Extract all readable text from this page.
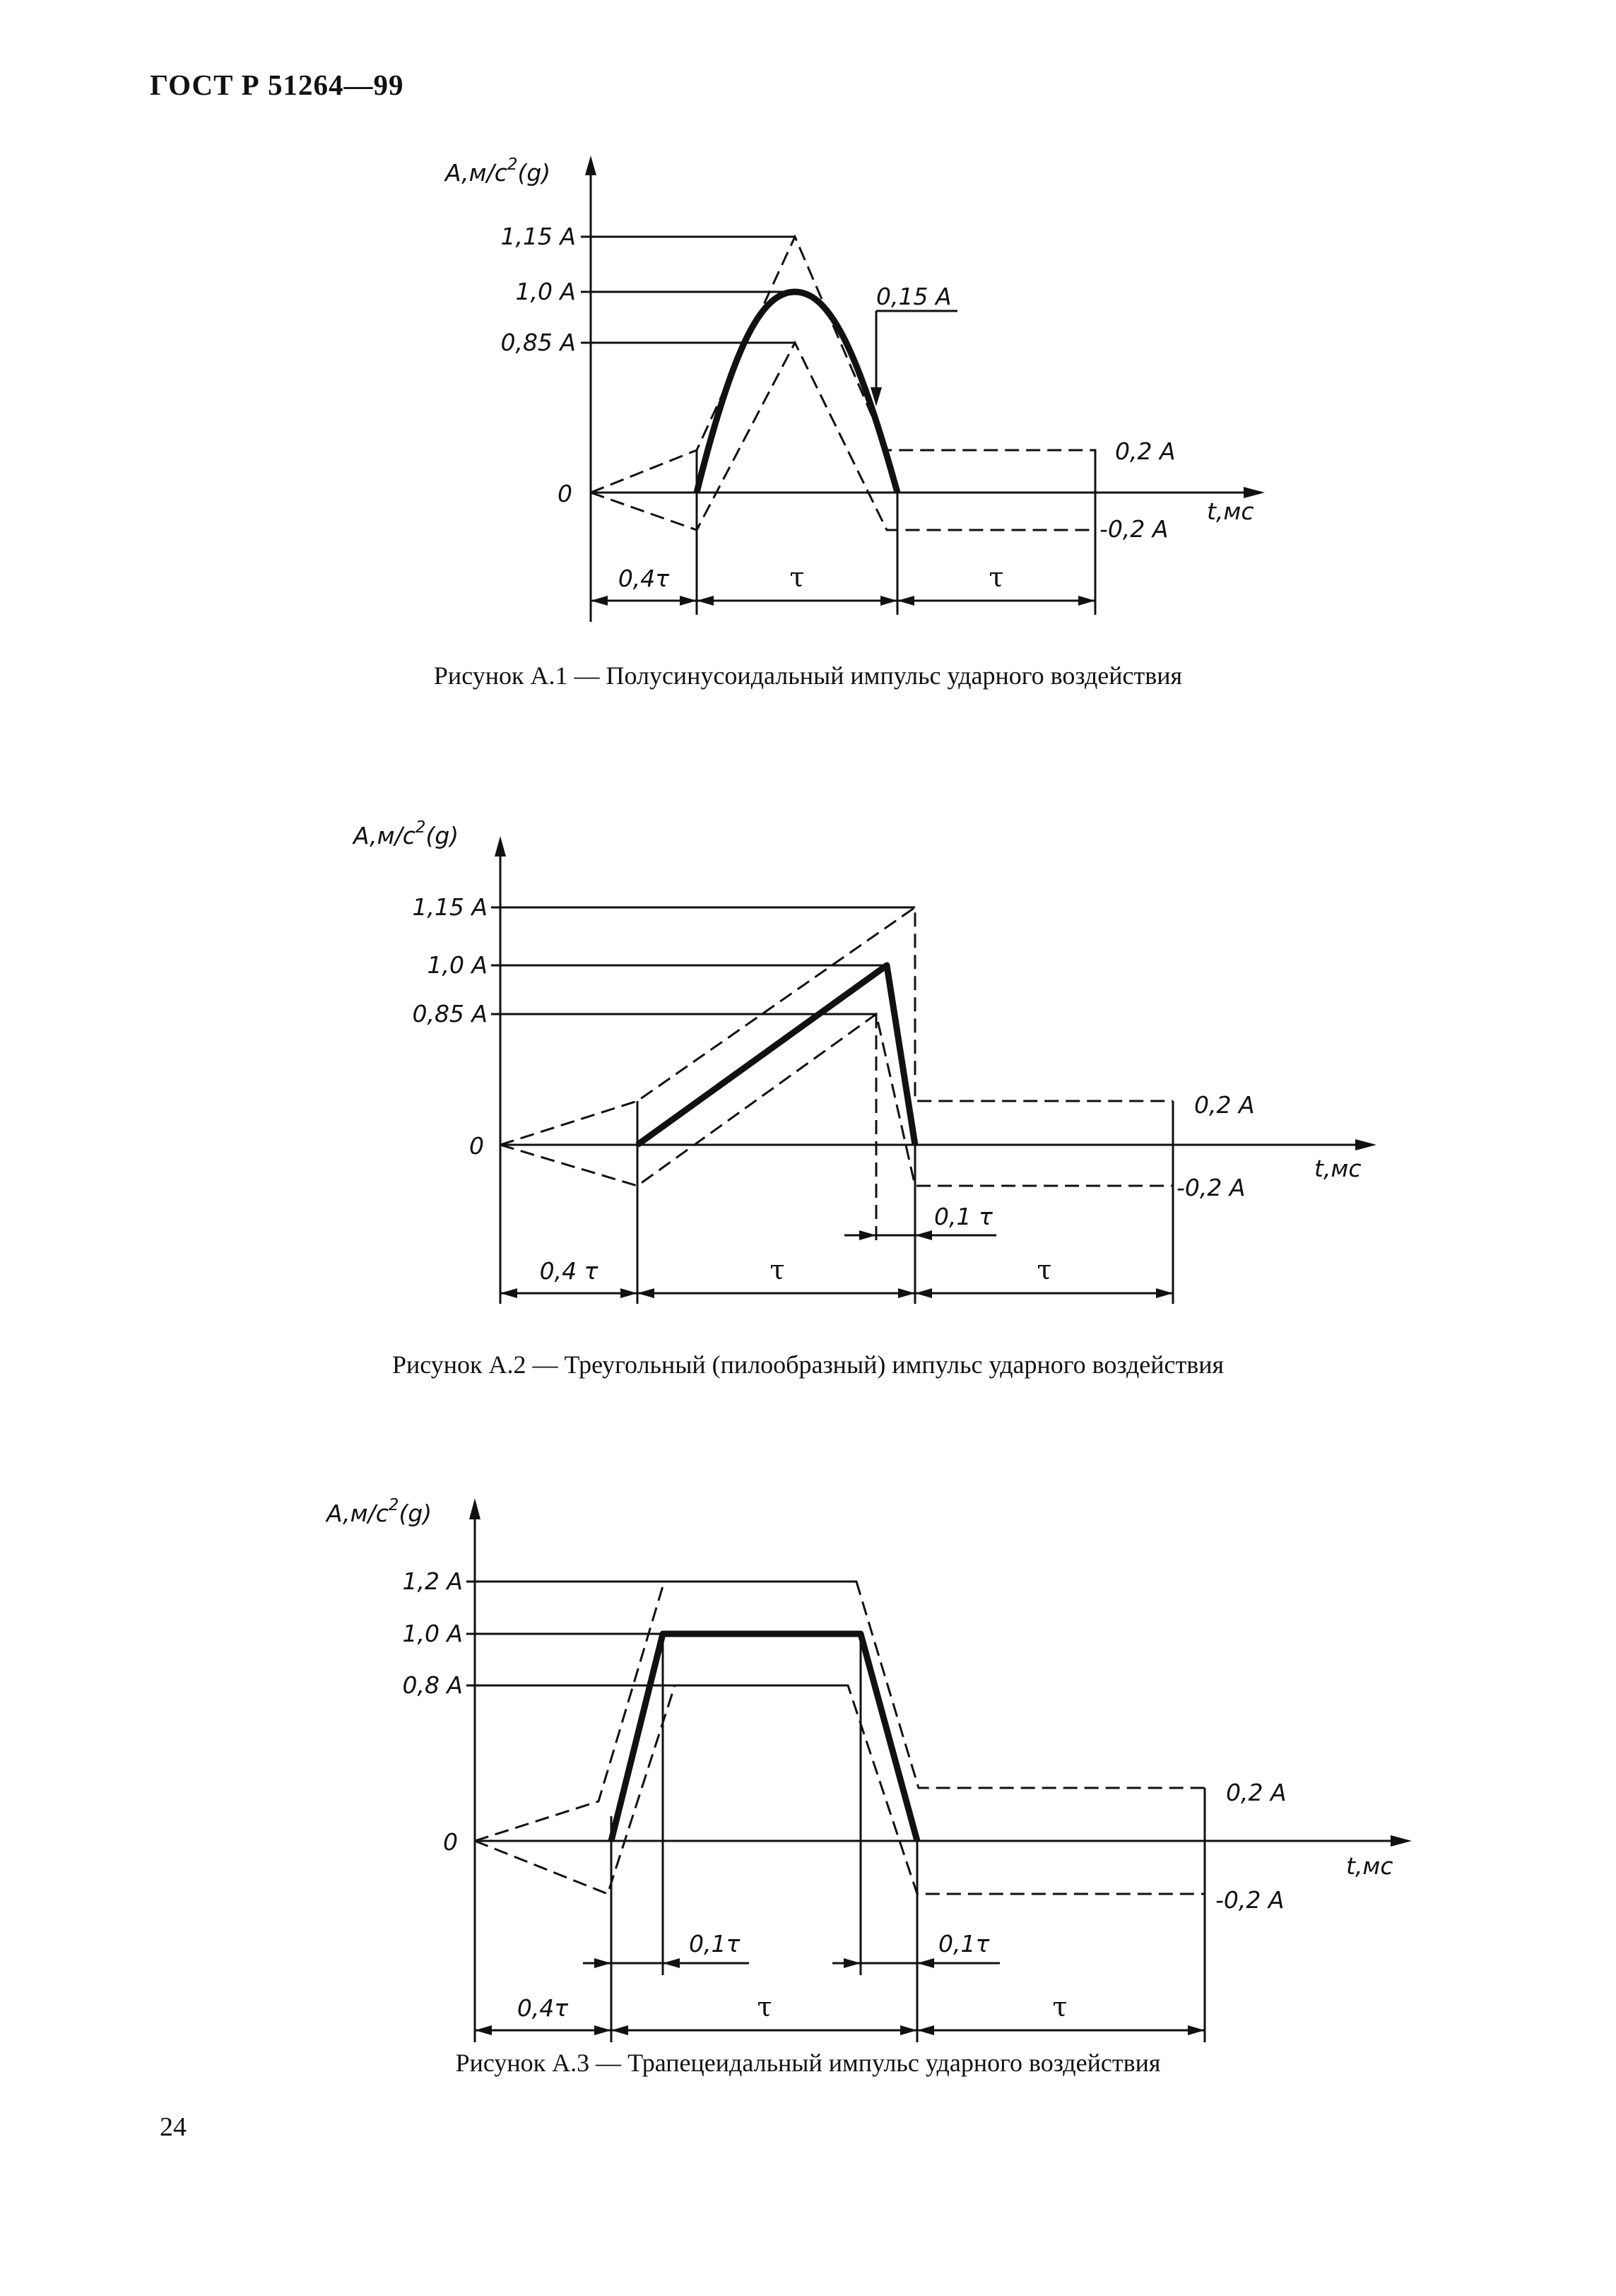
ГОСТ Р 51264—99
$A,м/с^2(g)$
1,15 A
1,0 A
0,85 A
0
0,15 A
0,2 A
-0,2 A
t,мс
0,4τ	τ	τ
Рисунок А.1 — Полусинусоидальный импульс ударного воздействия
$A,м/с^2(g)$
1,15 A
1,0 A
0,85 A
0
0,2 A
-0,2 A
t,мс
0,1 τ
0,4 τ	τ	τ
Рисунок А.2 — Треугольный (пилообразный) импульс ударного воздействия
$A,м/с^2(g)$
1,2 A
1,0 A
0,8 A
0
0,2 A
-0,2 A
t,мс
0,1τ	0,1τ
0,4τ	τ	τ
Рисунок А.3 — Трапецеидальный импульс ударного воздействия
24
